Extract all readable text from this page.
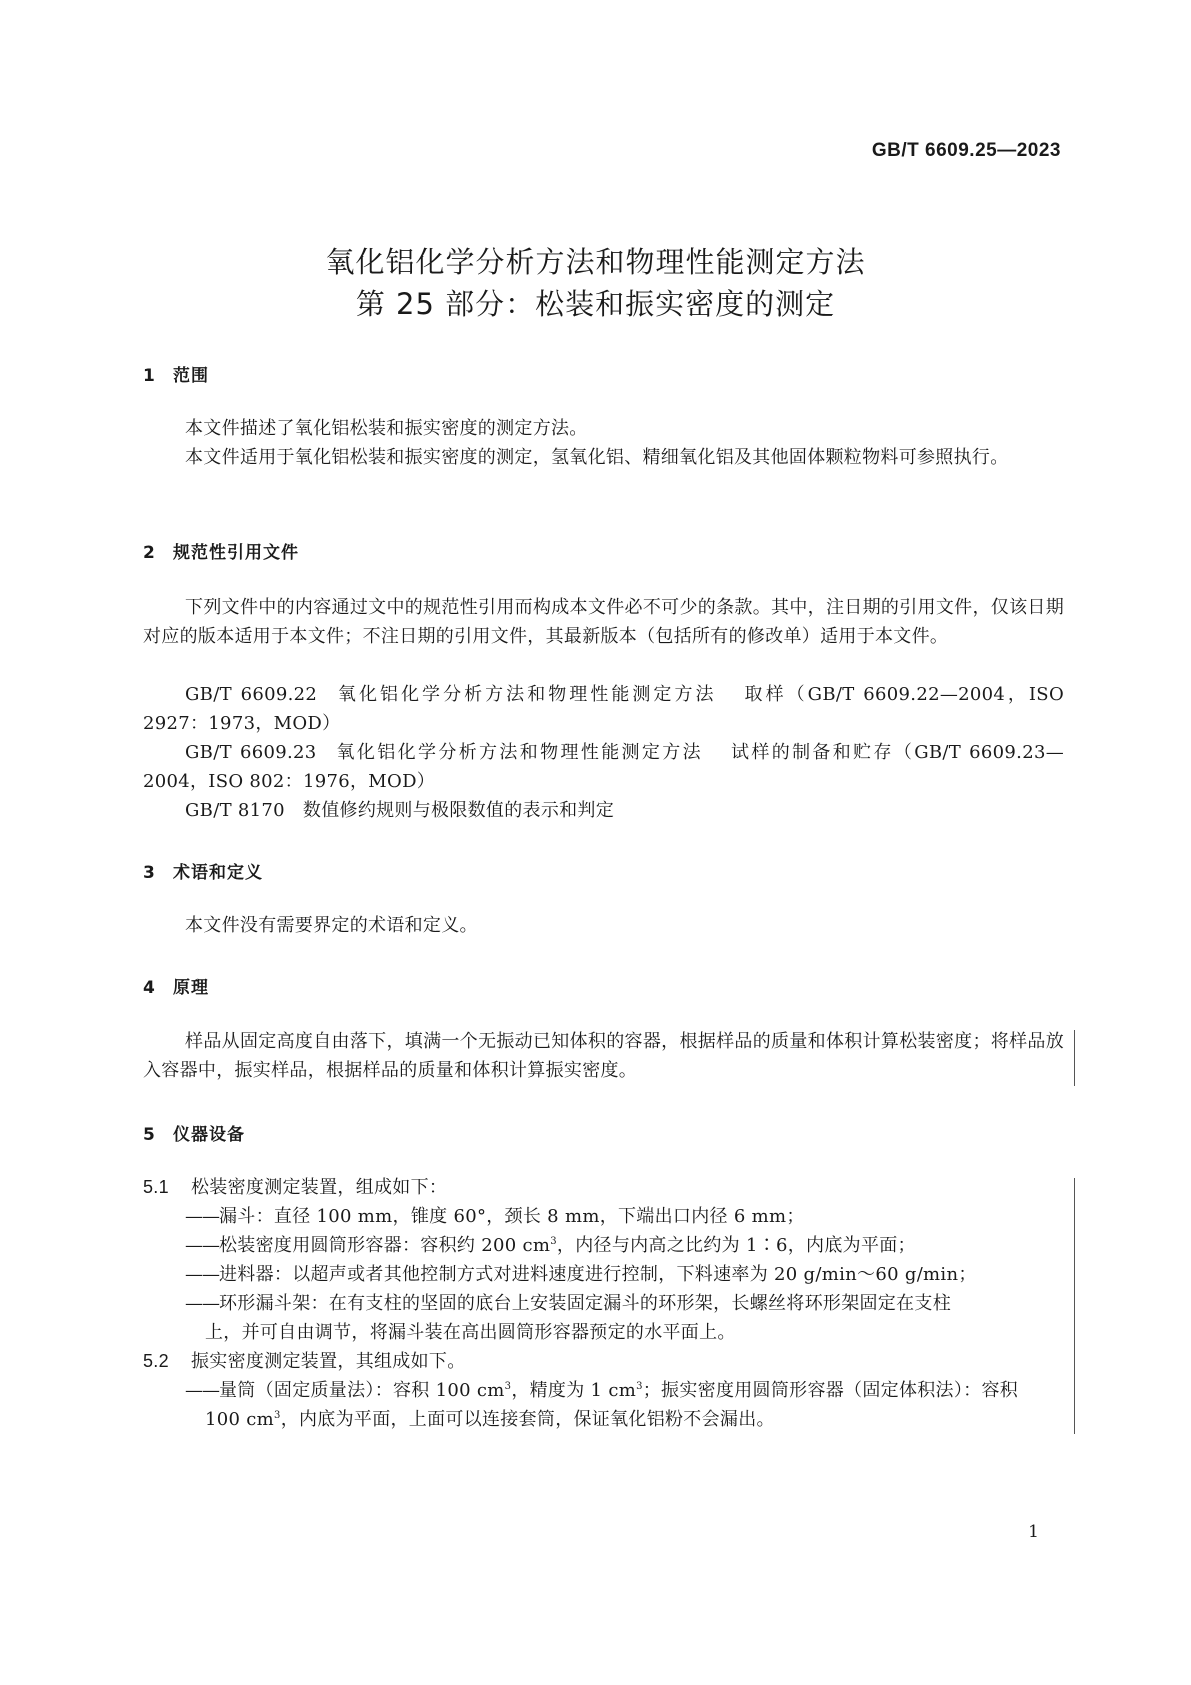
GB/T 6609.25—2023
氧化铝化学分析方法和物理性能测定方法
第 25 部分：松装和振实密度的测定
1 范围
本文件描述了氧化铝松装和振实密度的测定方法。
本文件适用于氧化铝松装和振实密度的测定，氢氧化铝、精细氧化铝及其他固体颗粒物料可参照执行。
2 规范性引用文件
下列文件中的内容通过文中的规范性引用而构成本文件必不可少的条款。其中，注日期的引用文件，仅该日期对应的版本适用于本文件；不注日期的引用文件，其最新版本（包括所有的修改单）适用于本文件。
GB/T 6609.22 氧化铝化学分析方法和物理性能测定方法 取样（GB/T 6609.22—2004，ISO 2927：1973，MOD）
GB/T 6609.23 氧化铝化学分析方法和物理性能测定方法 试样的制备和贮存（GB/T 6609.23—2004，ISO 802：1976，MOD）
GB/T 8170 数值修约规则与极限数值的表示和判定
3 术语和定义
本文件没有需要界定的术语和定义。
4 原理
样品从固定高度自由落下，填满一个无振动已知体积的容器，根据样品的质量和体积计算松装密度；将样品放入容器中，振实样品，根据样品的质量和体积计算振实密度。
5 仪器设备
5.1 松装密度测定装置，组成如下：
——漏斗：直径 100 mm，锥度 60°，颈长 8 mm，下端出口内径 6 mm；
——松装密度用圆筒形容器：容积约 200 $cm^3$，内径与内高之比约为 1∶6，内底为平面；
——进料器：以超声或者其他控制方式对进料速度进行控制，下料速率为 20 g/min～60 g/min；
——环形漏斗架：在有支柱的坚固的底台上安装固定漏斗的环形架，长螺丝将环形架固定在支柱
上，并可自由调节，将漏斗装在高出圆筒形容器预定的水平面上。
5.2 振实密度测定装置，其组成如下。
——量筒（固定质量法）：容积 100 $cm^3$，精度为 1 $cm^3$；振实密度用圆筒形容器（固定体积法）：容积
100 $cm^3$，内底为平面，上面可以连接套筒，保证氧化铝粉不会漏出。
1
